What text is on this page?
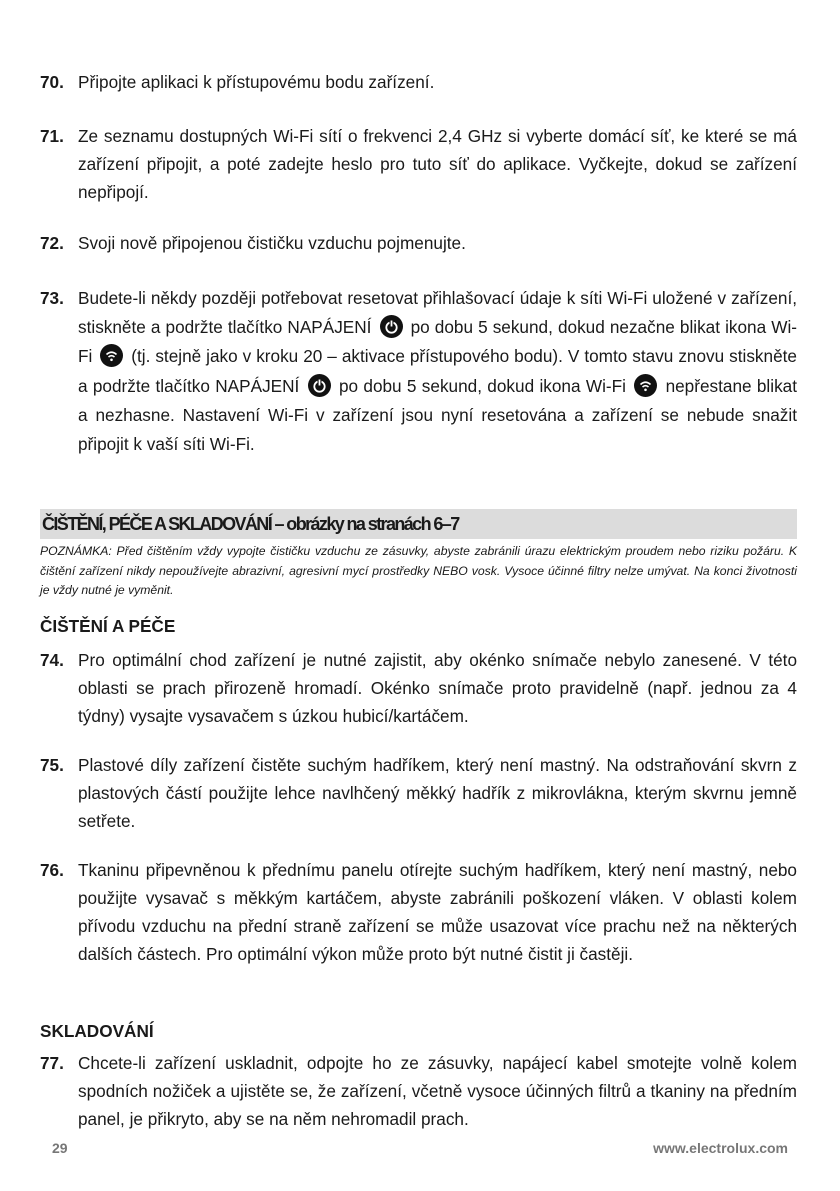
70. Připojte aplikaci k přístupovému bodu zařízení.
71. Ze seznamu dostupných Wi-Fi sítí o frekvenci 2,4 GHz si vyberte domácí síť, ke které se má zařízení připojit, a poté zadejte heslo pro tuto síť do aplikace. Vyčkejte, dokud se zařízení nepřipojí.
72. Svoji nově připojenou čističku vzduchu pojmenujte.
73. Budete-li někdy později potřebovat resetovat přihlašovací údaje k síti Wi-Fi uložené v zařízení, stiskněte a podržte tlačítko NAPÁJENÍ po dobu 5 sekund, dokud nezačne blikat ikona Wi-Fi (tj. stejně jako v kroku 20 – aktivace přístupového bodu). V tomto stavu znovu stiskněte a podržte tlačítko NAPÁJENÍ po dobu 5 sekund, dokud ikona Wi-Fi nepřestane blikat a nezhasne. Nastavení Wi-Fi v zařízení jsou nyní resetována a zařízení se nebude snažit připojit k vaší síti Wi-Fi.
ČIŠTĚNÍ, PÉČE A SKLADOVÁNÍ – obrázky na stranách 6–7
POZNÁMKA: Před čištěním vždy vypojte čističku vzduchu ze zásuvky, abyste zabránili úrazu elektrickým proudem nebo riziku požáru. K čištění zařízení nikdy nepoužívejte abrazivní, agresivní mycí prostředky NEBO vosk. Vysoce účinné filtry nelze umývat. Na konci životnosti je vždy nutné je vyměnit.
ČIŠTĚNÍ A PÉČE
74. Pro optimální chod zařízení je nutné zajistit, aby okénko snímače nebylo zanesené. V této oblasti se prach přirozeně hromadí. Okénko snímače proto pravidelně (např. jednou za 4 týdny) vysajte vysavačem s úzkou hubicí/kartáčem.
75. Plastové díly zařízení čistěte suchým hadříkem, který není mastný. Na odstraňování skvrn z plastových částí použijte lehce navlhčený měkký hadřík z mikrovlákna, kterým skvrnu jemně setřete.
76. Tkaninu připevněnou k přednímu panelu otírejte suchým hadříkem, který není mastný, nebo použijte vysavač s měkkým kartáčem, abyste zabránili poškození vláken. V oblasti kolem přívodu vzduchu na přední straně zařízení se může usazovat více prachu než na některých dalších částech. Pro optimální výkon může proto být nutné čistit ji častěji.
SKLADOVÁNÍ
77. Chcete-li zařízení uskladnit, odpojte ho ze zásuvky, napájecí kabel smotejte volně kolem spodních nožiček a ujistěte se, že zařízení, včetně vysoce účinných filtrů a tkaniny na předním panel, je přikryto, aby se na něm nehromadil prach.
29	www.electrolux.com
